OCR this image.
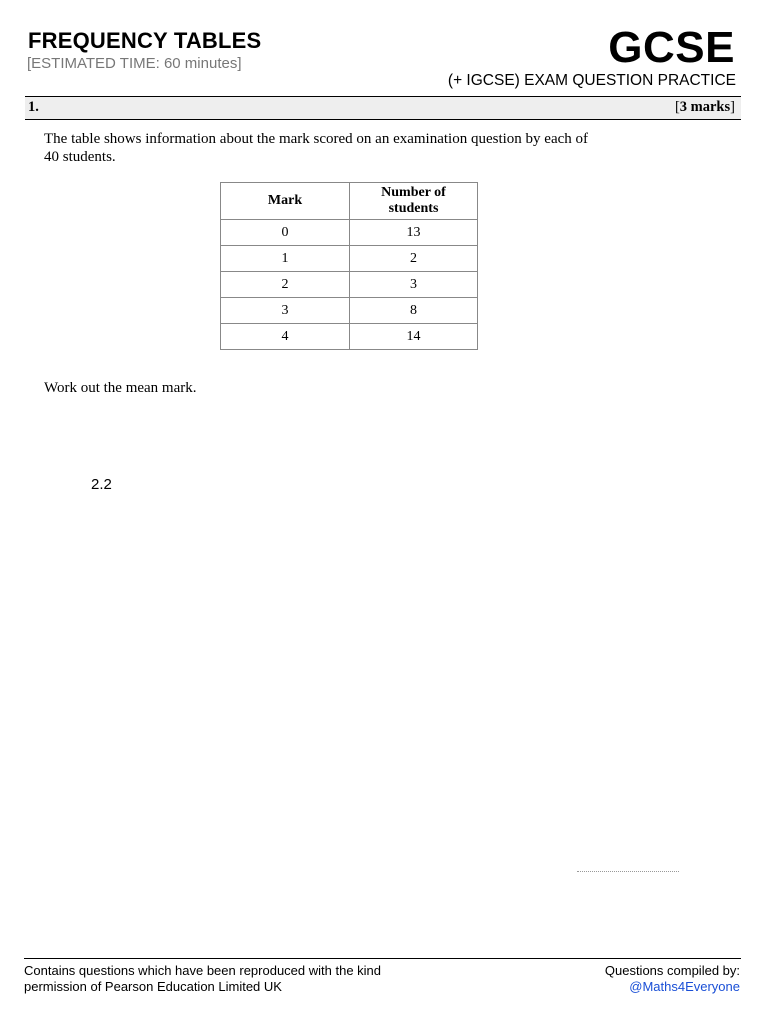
FREQUENCY TABLES
[ESTIMATED TIME: 60 minutes]	GCSE
(+ IGCSE) EXAM QUESTION PRACTICE
1.	[3 marks]
The table shows information about the mark scored on an examination question by each of 40 students.
Mark	Number of students

0	13
1	2
2	3
3	8
4	14
Work out the mean mark.
2.2
Contains questions which have been reproduced with the kind
permission of Pearson Education Limited UK
Questions compiled by:
@Maths4Everyone
